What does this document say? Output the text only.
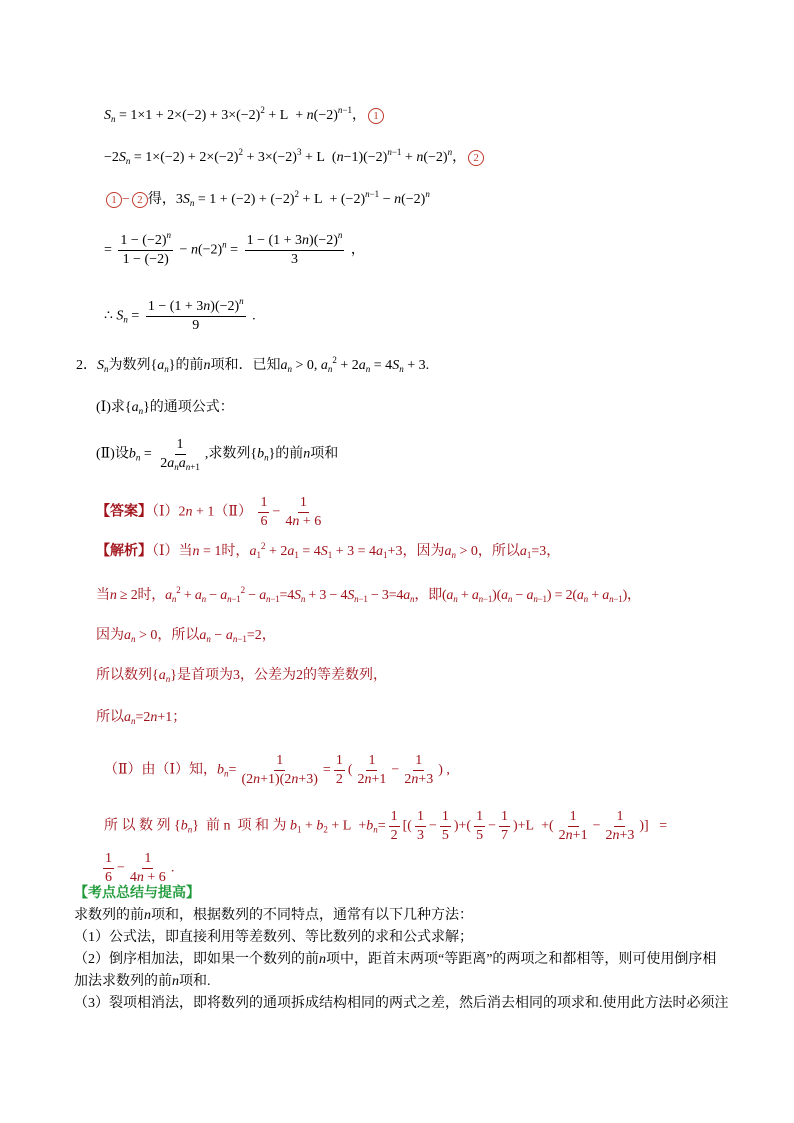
$S_n = 1\times 1 + 2\times(-2) + 3\times(-2)^2 + L + n(-2)^{n-1}$， 1
$-2S_n = 1\times(-2) + 2\times(-2)^2 + 3\times(-2)^3 + L$  $(n-1)(-2)^{n-1} + n(-2)^n$， 2
1 − 2 得，$3S_n = 1 + (-2) + (-2)^2 + L + (-2)^{n-1} - n(-2)^n$
= $\frac{1 - (-2)^n}{1 - (-2)} - n(-2)^n = \frac{1 - (1 + 3n)(-2)^n}{3}$ ，
∴ $S_n = \frac{1 - (1 + 3n)(-2)^n}{9}$ .
2．$S_n$为数列$\{a_n\}$的前n项和．已知$a_n > 0$, $a_n^2 + 2a_n = 4S_n + 3$.
(Ⅰ)求$\{a_n\}$的通项公式：
(Ⅱ)设$b_n = \frac{1}{2a_na_{n+1}}$ ,求数列$\{b_n\}$的前n项和
【答案】（Ⅰ）2n + 1（Ⅱ） $\frac{1}{6} - \frac{1}{4n + 6}$
【解析】（Ⅰ）当n = 1时，$a_1^2 + 2a_1 = 4S_1 + 3 = 4a_1+3$，因为$a_n > 0$，所以$a_1=3$，
当n ≥ 2时，$a_n^2 + a_n - a_{n-1}^2 - a_{n-1}=4S_n + 3 - 4S_{n-1} - 3=4a_n$，即$(a_n + a_{n-1})(a_n - a_{n-1}) = 2(a_n + a_{n-1})$，
因为$a_n > 0$，所以$a_n - a_{n-1}=2$，
所以数列$\{a_n\}$是首项为3，公差为2的等差数列，
所以$a_n=2n+1$；
（Ⅱ）由（Ⅰ）知，$b_n= \frac{1}{(2n+1)(2n+3)} = \frac{1}{2}$ ( $\frac{1}{2n+1} - \frac{1}{2n+3}$ ) ,
所 以 数 列 $\{b_n\}$  前 n  项 和 为 $b_1 + b_2 + L +b_n= \frac{1}{2}$ [( $\frac{1}{3} - \frac{1}{5}$ )+( $\frac{1}{5} - \frac{1}{7} )+L$  +( $\frac{1}{2n+1} - \frac{1}{2n+3}$ )]   =
$\frac{1}{6} - \frac{1}{4n + 6}$ .
【考点总结与提高】
求数列的前n项和，根据数列的不同特点，通常有以下几种方法：
（1）公式法，即直接利用等差数列、等比数列的求和公式求解；
（2）倒序相加法，即如果一个数列的前n项中，距首末两项“等距离”的两项之和都相等，则可使用倒序相
加法求数列的前n项和.
（3）裂项相消法，即将数列的通项拆成结构相同的两式之差，然后消去相同的项求和.使用此方法时必须注
